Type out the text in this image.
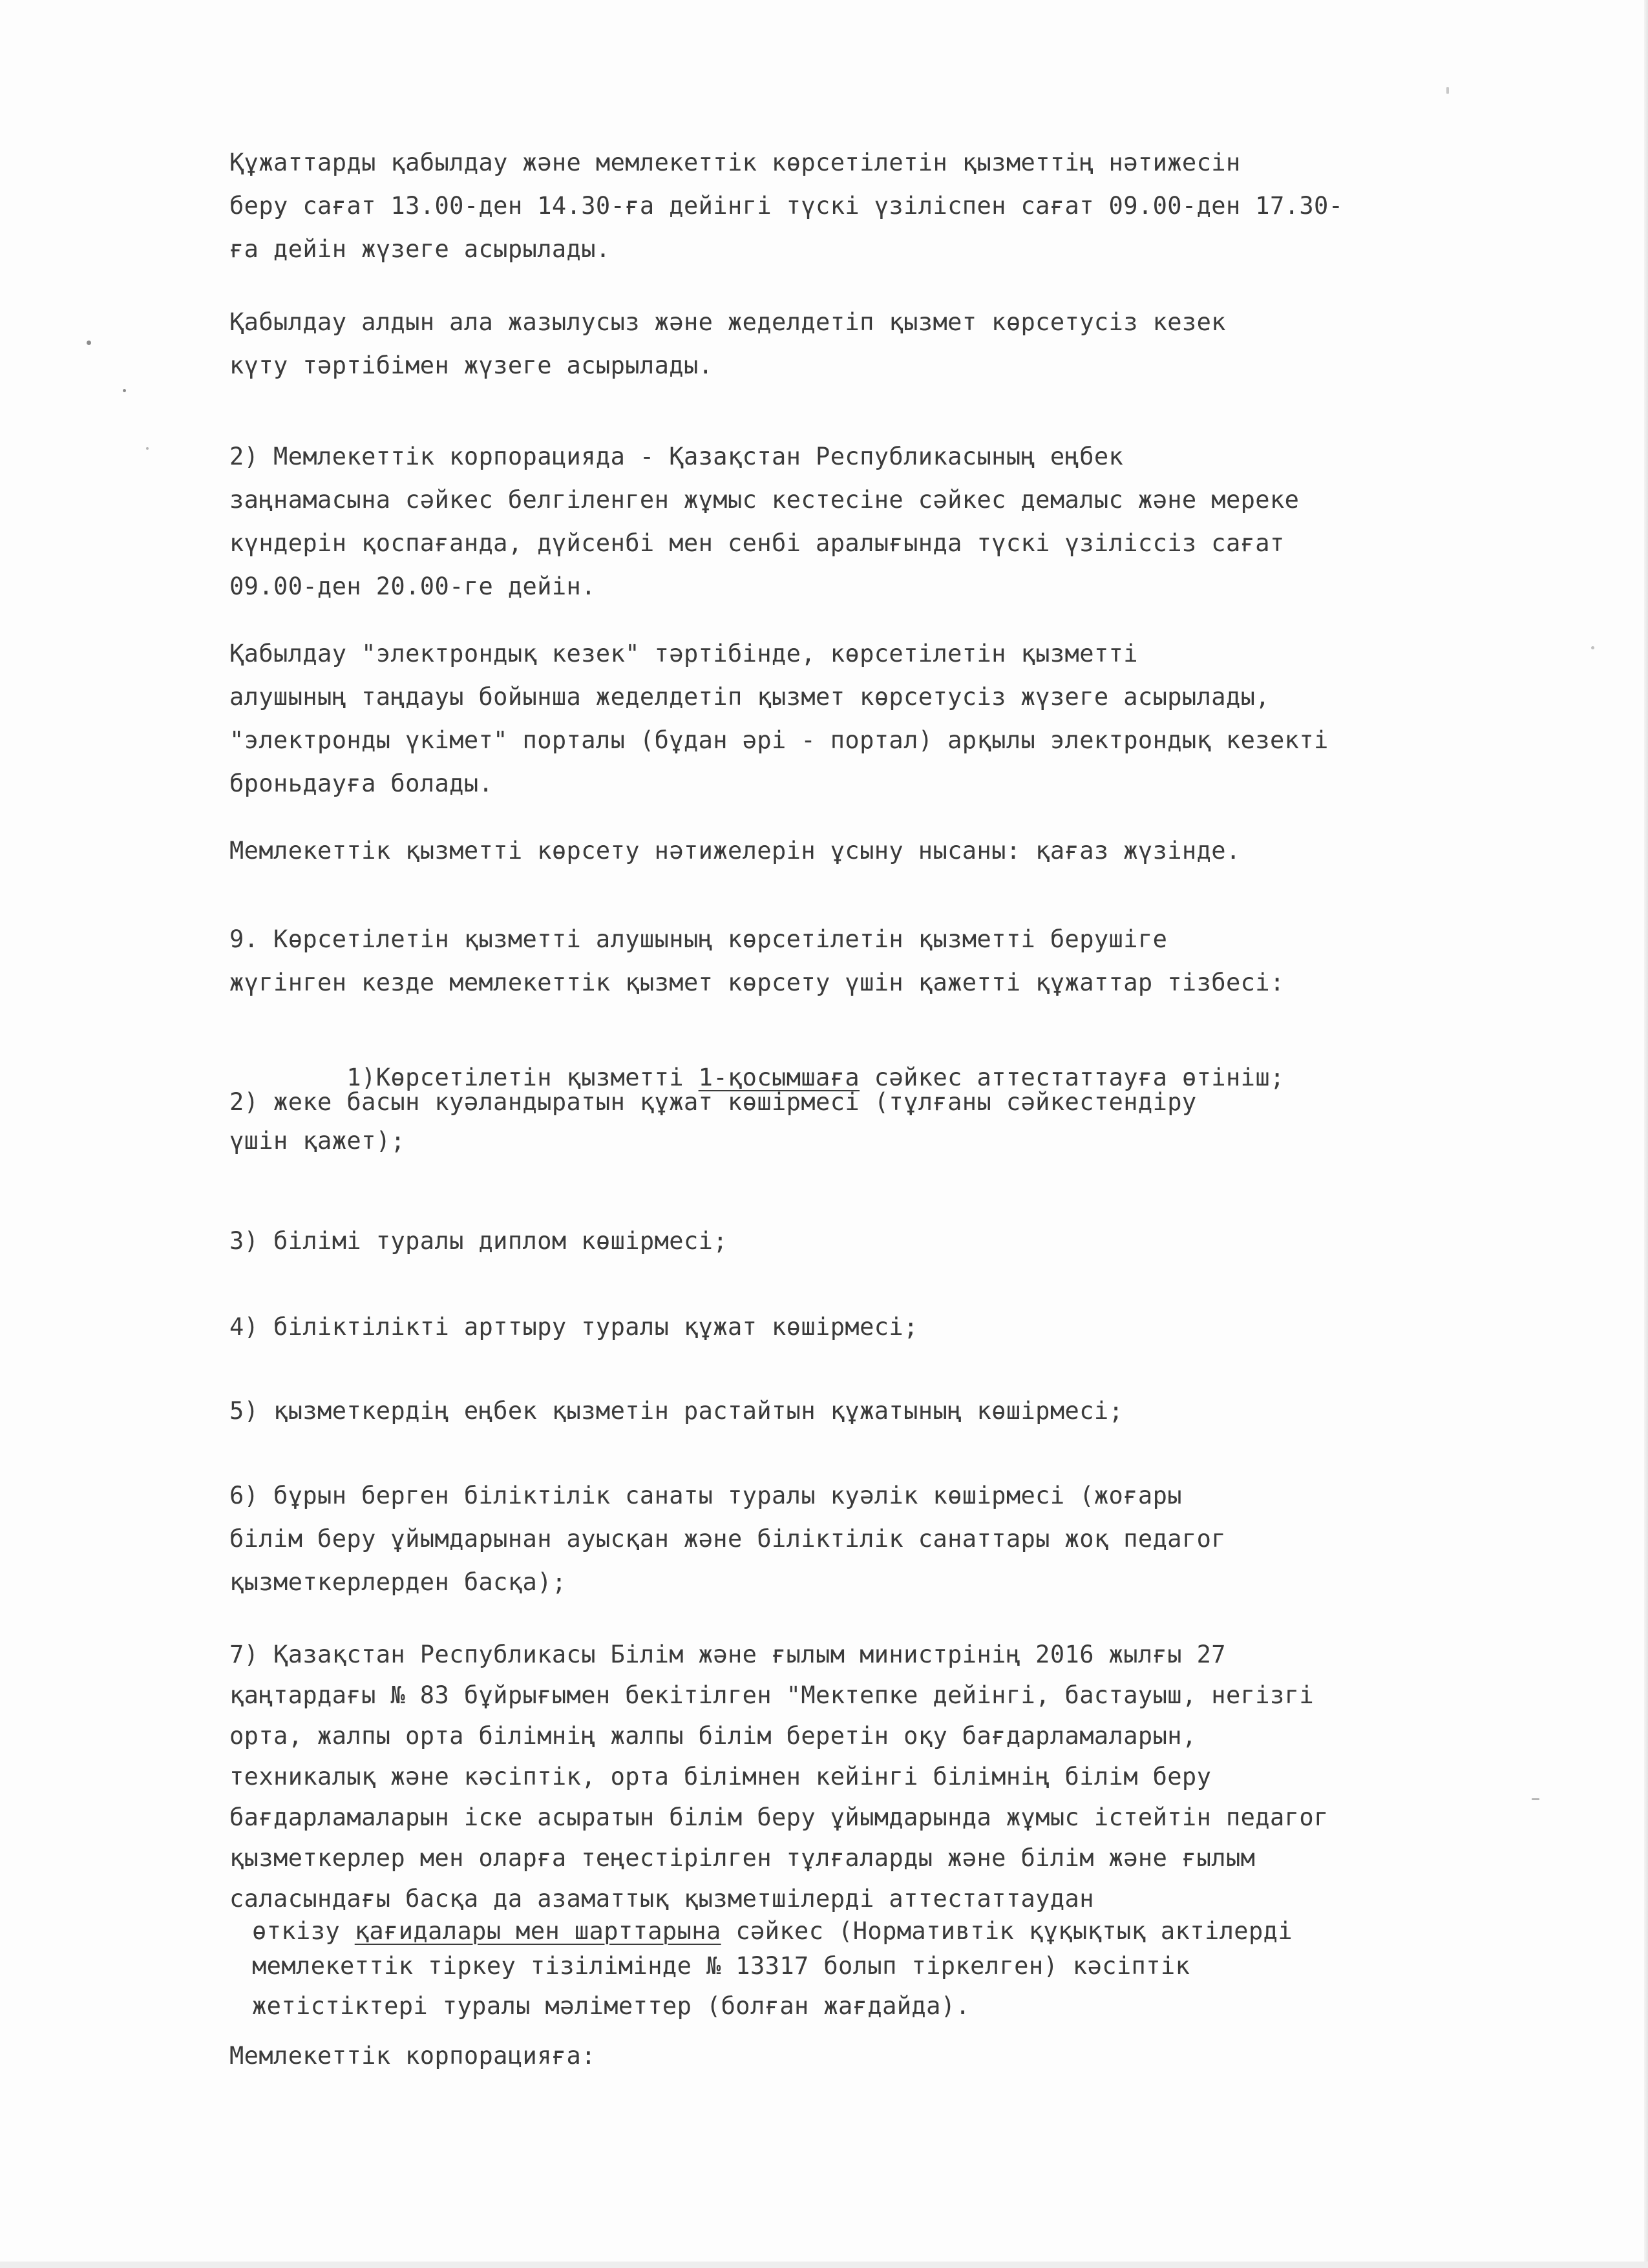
Құжаттарды қабылдау және мемлекеттік көрсетілетін қызметтің нәтижесін
беру сағат 13.00-ден 14.30-ға дейінгі түскі үзіліспен сағат 09.00-ден 17.30-
ға дейін жүзеге асырылады.

Қабылдау алдын ала жазылусыз және жеделдетіп қызмет көрсетусіз кезек
күту тәртібімен жүзеге асырылады.

2) Мемлекеттік корпорацияда - Қазақстан Республикасының еңбек
заңнамасына сәйкес белгіленген жұмыс кестесіне сәйкес демалыс және мереке
күндерін қоспағанда, дүйсенбі мен сенбі аралығында түскі үзіліссіз сағат
09.00-ден 20.00-ге дейін.

Қабылдау "электрондық кезек" тәртібінде, көрсетілетін қызметті
алушының таңдауы бойынша жеделдетіп қызмет көрсетусіз жүзеге асырылады,
"электронды үкімет" порталы (бұдан әрі - портал) арқылы электрондық кезекті
броньдауға болады.

Мемлекеттік қызметті көрсету нәтижелерін ұсыну нысаны: қағаз жүзінде.

9. Көрсетілетін қызметті алушының көрсетілетін қызметті берушіге
жүгінген кезде мемлекеттік қызмет көрсету үшін қажетті құжаттар тізбесі:

1)Көрсетілетін қызметті 1-қосымшаға сәйкес аттестаттауға өтініш;

2) жеке басын куәландыратын құжат көшірмесі (тұлғаны сәйкестендіру
үшін қажет);

3) білімі туралы диплом көшірмесі;

4) біліктілікті арттыру туралы құжат көшірмесі;

5) қызметкердің еңбек қызметін растайтын құжатының көшірмесі;

6) бұрын берген біліктілік санаты туралы куәлік көшірмесі (жоғары
білім беру ұйымдарынан ауысқан және біліктілік санаттары жоқ педагог
қызметкерлерден басқа);

7) Қазақстан Республикасы Білім және ғылым министрінің 2016 жылғы 27
қаңтардағы № 83 бұйрығымен бекітілген "Мектепке дейінгі, бастауыш, негізгі
орта, жалпы орта білімнің жалпы білім беретін оқу бағдарламаларын,
техникалық және кәсіптік, орта білімнен кейінгі білімнің білім беру
бағдарламаларын іске асыратын білім беру ұйымдарында жұмыс істейтін педагог
қызметкерлер мен оларға теңестірілген тұлғаларды және білім және ғылым
саласындағы басқа да азаматтық қызметшілерді аттестаттаудан

өткізу қағидалары мен шарттарына сәйкес (Нормативтік құқықтық актілерді

мемлекеттік тіркеу тізілімінде № 13317 болып тіркелген) кәсіптік
жетістіктері туралы мәліметтер (болған жағдайда).

Мемлекеттік корпорацияға:
